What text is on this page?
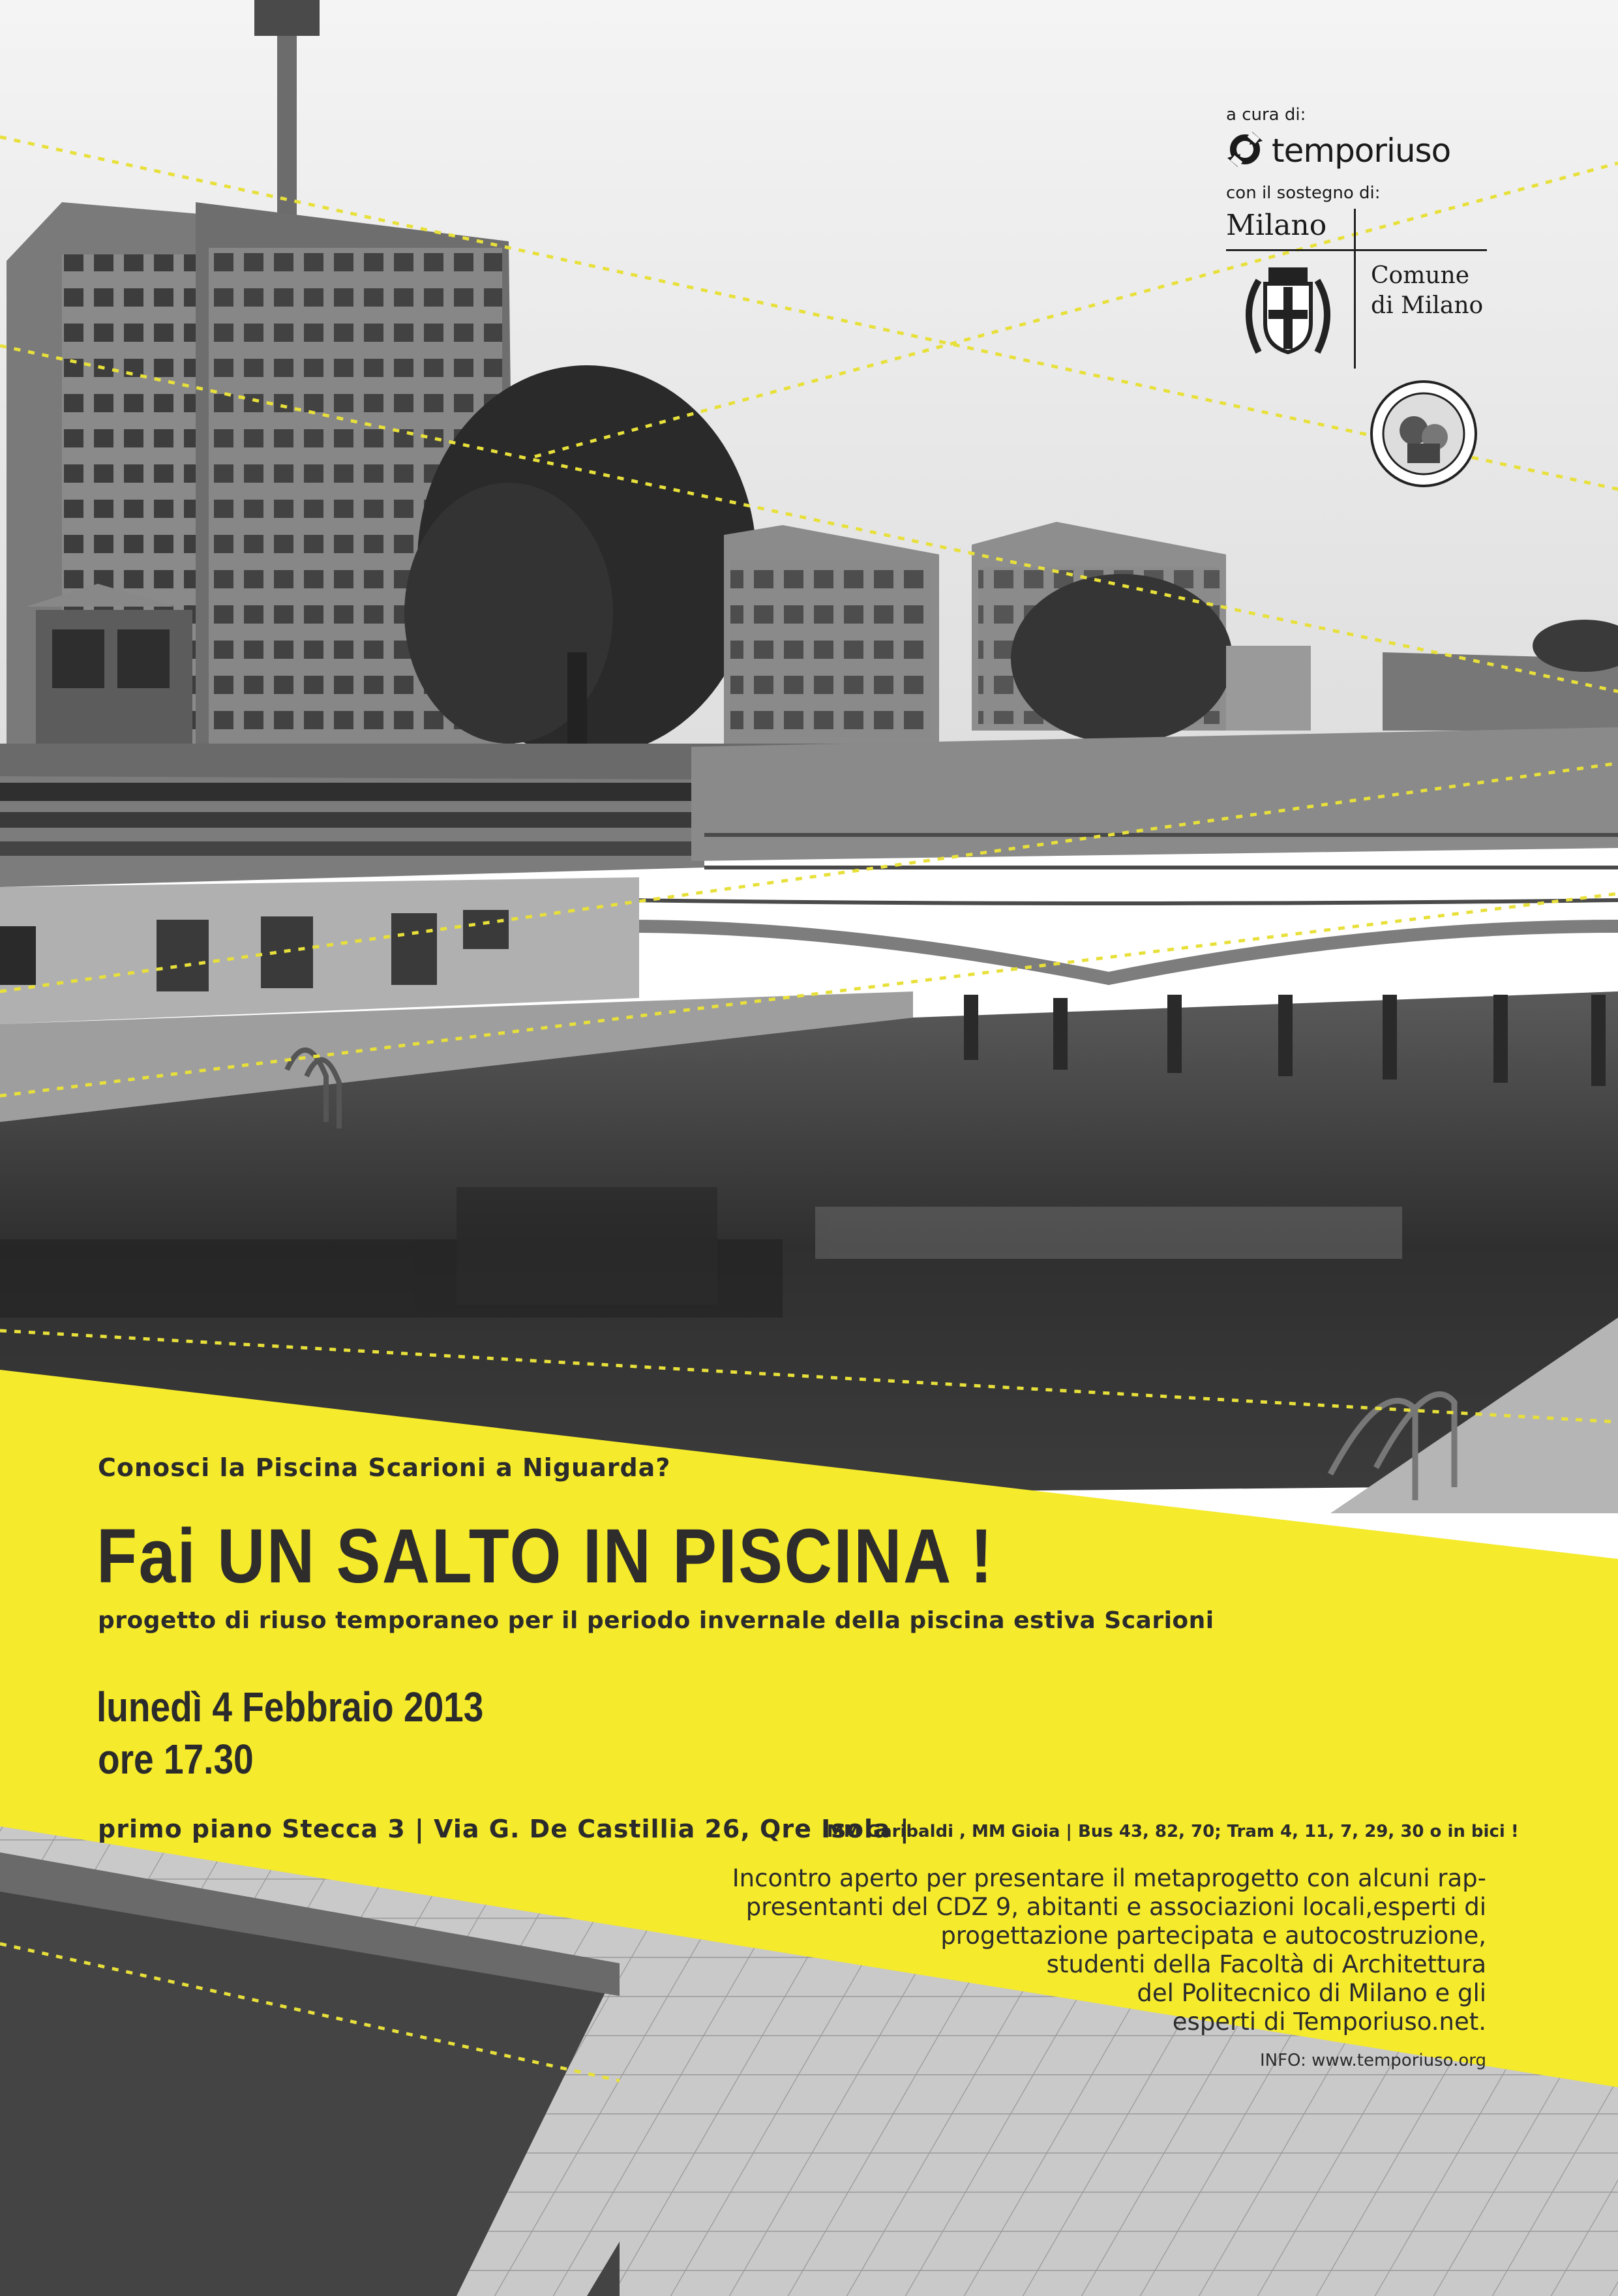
a cura di:
temporiuso
con il sostegno di:
Milano
Comune
di Milano
Conosci la Piscina Scarioni a Niguarda?
Fai UN SALTO IN PISCINA !
progetto di riuso temporaneo per il periodo invernale della piscina estiva Scarioni
lunedì 4 Febbraio 2013
ore 17.30
primo piano Stecca 3 | Via G. De Castillia 26, Qre Isola |
MM Garibaldi , MM Gioia | Bus 43, 82, 70; Tram 4, 11, 7, 29, 30 o in bici !
Incontro aperto per presentare il metaprogetto con alcuni rap-
presentanti del CDZ 9, abitanti e associazioni locali,esperti di
progettazione partecipata e autocostruzione,
studenti della Facoltà di Architettura
del Politecnico di Milano e gli
esperti di Temporiuso.net.
INFO: www.temporiuso.org
